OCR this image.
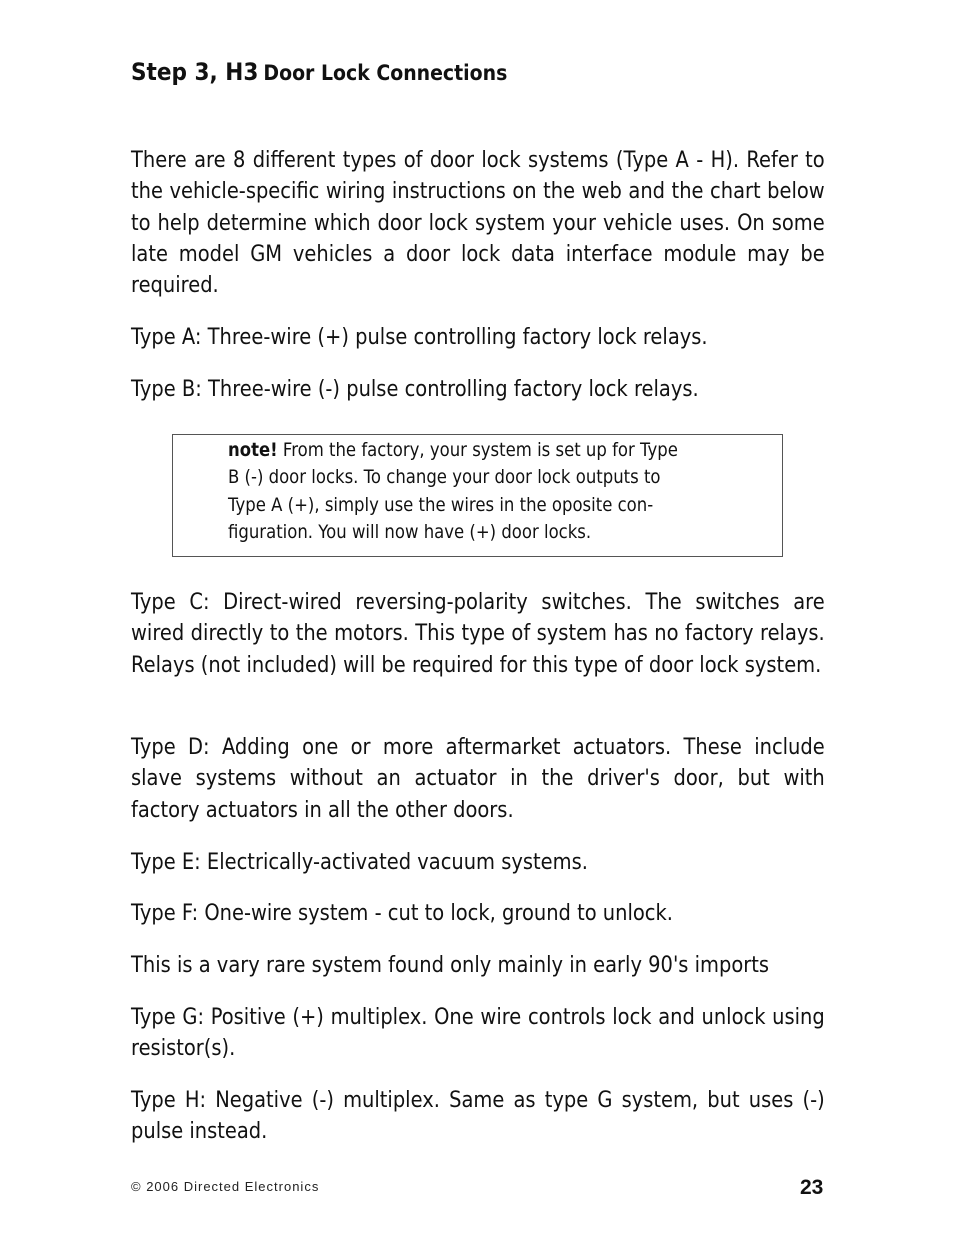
Step 3, H3 Door Lock Connections

There are 8 different types of door lock systems (Type A - H). Refer to the vehicle-specific wiring instructions on the web and the chart below to help determine which door lock system your vehicle uses. On some late model GM vehicles a door lock data interface module may be required.

Type A: Three-wire (+) pulse controlling factory lock relays.

Type B: Three-wire (-) pulse controlling factory lock relays.

note! From the factory, your system is set up for Type
B (-) door locks. To change your door lock outputs to
Type A (+), simply use the wires in the oposite con-
figuration. You will now have (+) door locks.

Type C: Direct-wired reversing-polarity switches. The switches are wired directly to the motors. This type of system has no factory relays. Relays (not included) will be required for this type of door lock system.

Type D: Adding one or more aftermarket actuators. These include slave systems without an actuator in the driver's door, but with factory actuators in all the other doors.

Type E: Electrically-activated vacuum systems.

Type F: One-wire system - cut to lock, ground to unlock.

This is a vary rare system found only mainly in early 90's imports

Type G: Positive (+) multiplex. One wire controls lock and unlock using resistor(s).

Type H: Negative (-) multiplex. Same as type G system, but uses (-) pulse instead.

© 2006 Directed Electronics	23
